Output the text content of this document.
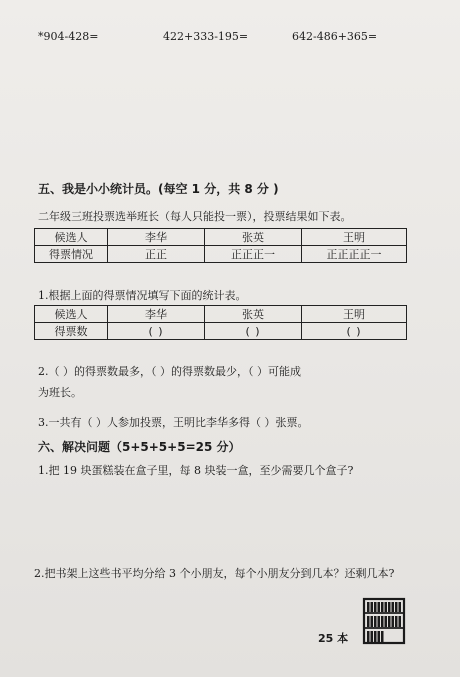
*904-428=	422+333-195=	642-486+365=
五、我是小小统计员。(每空 1 分，共 8 分 )
二年级三班投票选举班长（每人只能投一票），投票结果如下表。
候选人	李华	张英	王明
得票情况	正正	正正正一	正正正正一
1.根据上面的得票情况填写下面的统计表。
候选人	李华	张英	王明
得票数	( )	( )	( )
2.（ ）的得票数最多，（ ）的得票数最少，（ ）可能成
为班长。
3.一共有（ ）人参加投票，王明比李华多得（ ）张票。
六、解决问题（5+5+5+5=25 分）
1.把 19 块蛋糕装在盒子里，每 8 块装一盒，至少需要几个盒子?
2.把书架上这些书平均分给 3 个小朋友，每个小朋友分到几本？还剩几本?
25 本
